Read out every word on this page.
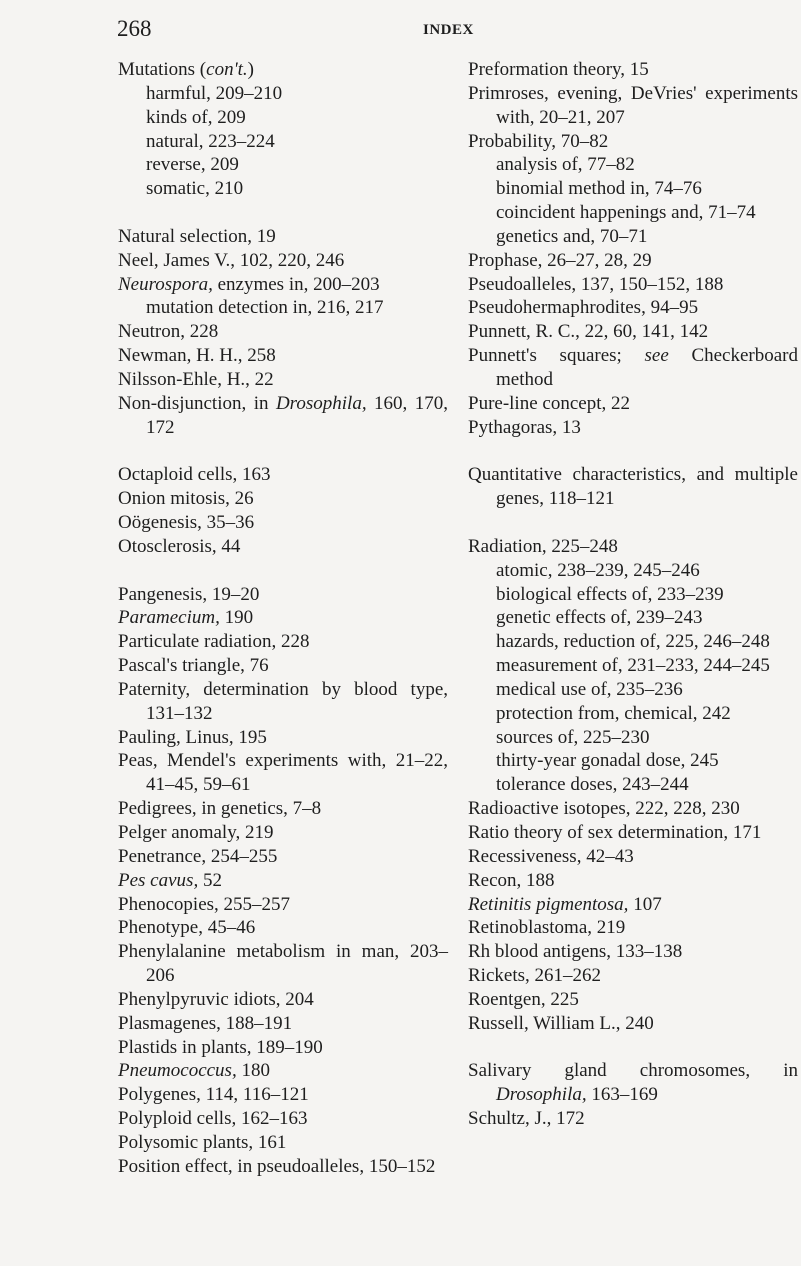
268	INDEX
Mutations (con't.)
harmful, 209–210
kinds of, 209
natural, 223–224
reverse, 209
somatic, 210
Natural selection, 19
Neel, James V., 102, 220, 246
Neurospora, enzymes in, 200–203
mutation detection in, 216, 217
Neutron, 228
Newman, H. H., 258
Nilsson-Ehle, H., 22
Non-disjunction, in Drosophila, 160, 170, 172
Octaploid cells, 163
Onion mitosis, 26
Oögenesis, 35–36
Otosclerosis, 44
Pangenesis, 19–20
Paramecium, 190
Particulate radiation, 228
Pascal's triangle, 76
Paternity, determination by blood type, 131–132
Pauling, Linus, 195
Peas, Mendel's experiments with, 21–22, 41–45, 59–61
Pedigrees, in genetics, 7–8
Pelger anomaly, 219
Penetrance, 254–255
Pes cavus, 52
Phenocopies, 255–257
Phenotype, 45–46
Phenylalanine metabolism in man, 203–206
Phenylpyruvic idiots, 204
Plasmagenes, 188–191
Plastids in plants, 189–190
Pneumococcus, 180
Polygenes, 114, 116–121
Polyploid cells, 162–163
Polysomic plants, 161
Position effect, in pseudoalleles, 150–152
Preformation theory, 15
Primroses, evening, DeVries' experiments with, 20–21, 207
Probability, 70–82
analysis of, 77–82
binomial method in, 74–76
coincident happenings and, 71–74
genetics and, 70–71
Prophase, 26–27, 28, 29
Pseudoalleles, 137, 150–152, 188
Pseudohermaphrodites, 94–95
Punnett, R. C., 22, 60, 141, 142
Punnett's squares; see Checkerboard method
Pure-line concept, 22
Pythagoras, 13
Quantitative characteristics, and multiple genes, 118–121
Radiation, 225–248
atomic, 238–239, 245–246
biological effects of, 233–239
genetic effects of, 239–243
hazards, reduction of, 225, 246–248
measurement of, 231–233, 244–245
medical use of, 235–236
protection from, chemical, 242
sources of, 225–230
thirty-year gonadal dose, 245
tolerance doses, 243–244
Radioactive isotopes, 222, 228, 230
Ratio theory of sex determination, 171
Recessiveness, 42–43
Recon, 188
Retinitis pigmentosa, 107
Retinoblastoma, 219
Rh blood antigens, 133–138
Rickets, 261–262
Roentgen, 225
Russell, William L., 240
Salivary gland chromosomes, in Drosophila, 163–169
Schultz, J., 172
